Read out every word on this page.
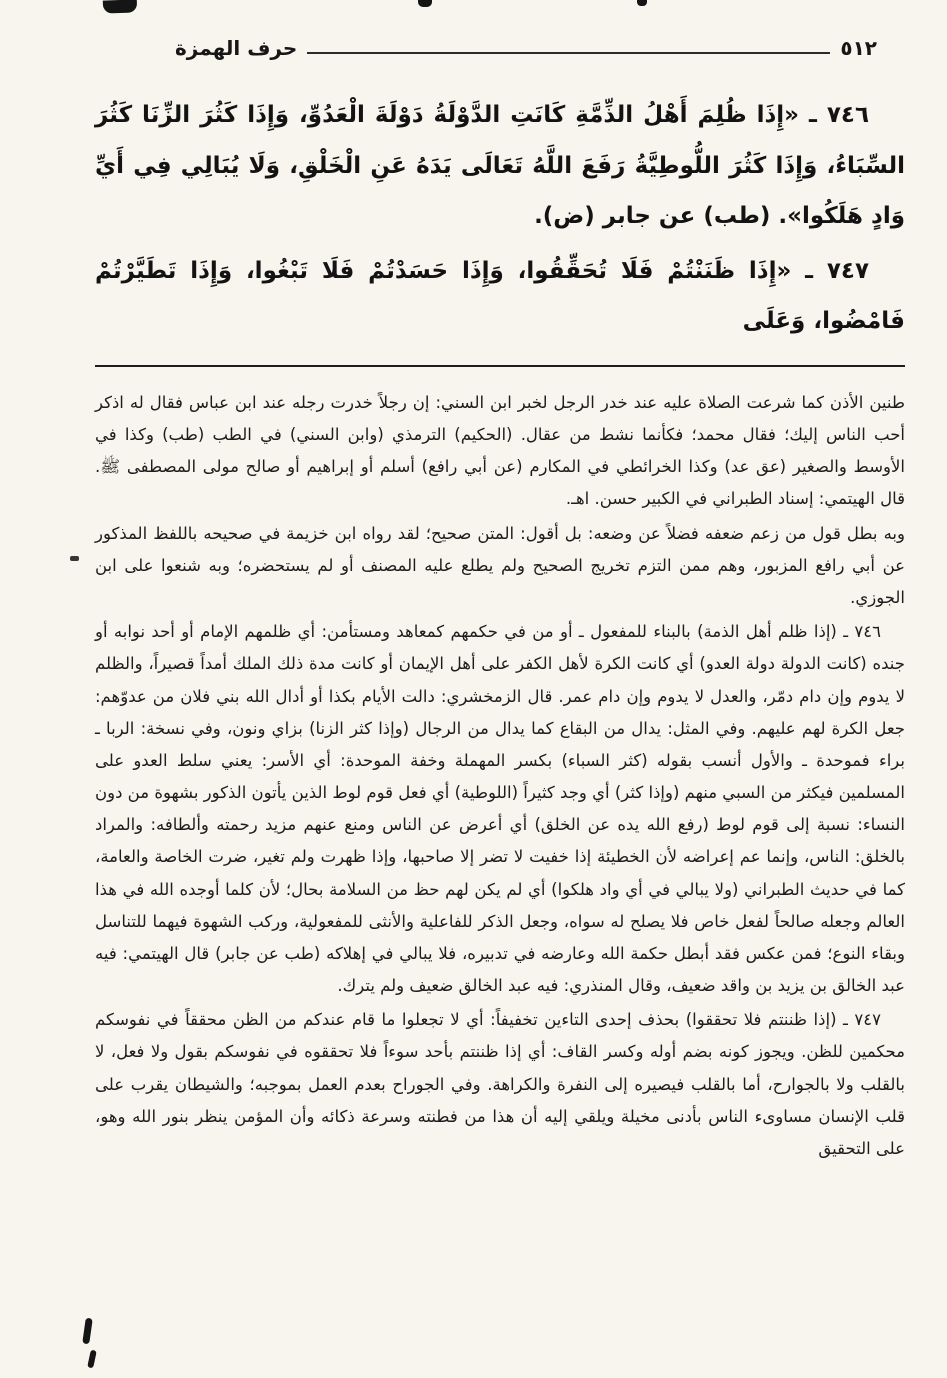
٥١٢
حرف الهمزة

٧٤٦ ـ «إِذَا ظُلِمَ أَهْلُ الذِّمَّةِ كَانَتِ الدَّوْلَةُ دَوْلَةَ الْعَدُوِّ، وَإِذَا كَثُرَ الزِّنَا كَثُرَ السِّبَاءُ، وَإِذَا كَثُرَ اللُّوطِيَّةُ رَفَعَ اللَّهُ تَعَالَى يَدَهُ عَنِ الْخَلْقِ، وَلَا يُبَالِي فِي أَيِّ وَادٍ هَلَكُوا». (طب) عن جابر (ض).

٧٤٧ ـ «إِذَا ظَنَنْتُمْ فَلَا تُحَقِّقُوا، وَإِذَا حَسَدْتُمْ فَلَا تَبْغُوا، وَإِذَا تَطَيَّرْتُمْ فَامْضُوا، وَعَلَى

طنين الأذن كما شرعت الصلاة عليه عند خدر الرجل لخبر ابن السني: إن رجلاً خدرت رجله عند ابن عباس فقال له اذكر أحب الناس إليك؛ فقال محمد؛ فكأنما نشط من عقال. (الحكيم) الترمذي (وابن السني) في الطب (طب) وكذا في الأوسط والصغير (عق عد) وكذا الخرائطي في المكارم (عن أبي رافع) أسلم أو إبراهيم أو صالح مولى المصطفى ﷺ. قال الهيتمي: إسناد الطبراني في الكبير حسن. اهـ.

وبه بطل قول من زعم ضعفه فضلاً عن وضعه: بل أقول: المتن صحيح؛ لقد رواه ابن خزيمة في صحيحه باللفظ المذكور عن أبي رافع المزبور، وهم ممن التزم تخريج الصحيح ولم يطلع عليه المصنف أو لم يستحضره؛ وبه شنعوا على ابن الجوزي.

٧٤٦ ـ (إذا ظلم أهل الذمة) بالبناء للمفعول ـ أو من في حكمهم كمعاهد ومستأمن: أي ظلمهم الإمام أو أحد نوابه أو جنده (كانت الدولة دولة العدو) أي كانت الكرة لأهل الكفر على أهل الإيمان أو كانت مدة ذلك الملك أمداً قصيراً، والظلم لا يدوم وإن دام دمّر، والعدل لا يدوم وإن دام عمر. قال الزمخشري: دالت الأيام بكذا أو أدال الله بني فلان من عدوّهم: جعل الكرة لهم عليهم. وفي المثل: يدال من البقاع كما يدال من الرجال (وإذا كثر الزنا) بزاي ونون، وفي نسخة: الربا ـ براء فموحدة ـ والأول أنسب بقوله (كثر السباء) بكسر المهملة وخفة الموحدة: أي الأسر: يعني سلط العدو على المسلمين فيكثر من السبي منهم (وإذا كثر) أي وجد كثيراً (اللوطية) أي فعل قوم لوط الذين يأتون الذكور بشهوة من دون النساء: نسبة إلى قوم لوط (رفع الله يده عن الخلق) أي أعرض عن الناس ومنع عنهم مزيد رحمته وألطافه: والمراد بالخلق: الناس، وإنما عم إعراضه لأن الخطيئة إذا خفيت لا تضر إلا صاحبها، وإذا ظهرت ولم تغير، ضرت الخاصة والعامة، كما في حديث الطبراني (ولا يبالي في أي واد هلكوا) أي لم يكن لهم حظ من السلامة بحال؛ لأن كلما أوجده الله في هذا العالم وجعله صالحاً لفعل خاص فلا يصلح له سواه، وجعل الذكر للفاعلية والأنثى للمفعولية، وركب الشهوة فيهما للتناسل وبقاء النوع؛ فمن عكس فقد أبطل حكمة الله وعارضه في تدبيره، فلا يبالي في إهلاكه (طب عن جابر) قال الهيتمي: فيه عبد الخالق بن يزيد بن واقد ضعيف، وقال المنذري: فيه عبد الخالق ضعيف ولم يترك.

٧٤٧ ـ (إذا ظننتم فلا تحققوا) بحذف إحدى التاءين تخفيفاً: أي لا تجعلوا ما قام عندكم من الظن محققاً في نفوسكم محكمين للظن. ويجوز كونه بضم أوله وكسر القاف: أي إذا ظننتم بأحد سوءاً فلا تحققوه في نفوسكم بقول ولا فعل، لا بالقلب ولا بالجوارح، أما بالقلب فيصيره إلى النفرة والكراهة. وفي الجوراح بعدم العمل بموجبه؛ والشيطان يقرب على قلب الإنسان مساوىء الناس بأدنى مخيلة ويلقي إليه أن هذا من فطنته وسرعة ذكائه وأن المؤمن ينظر بنور الله وهو، على التحقيق
